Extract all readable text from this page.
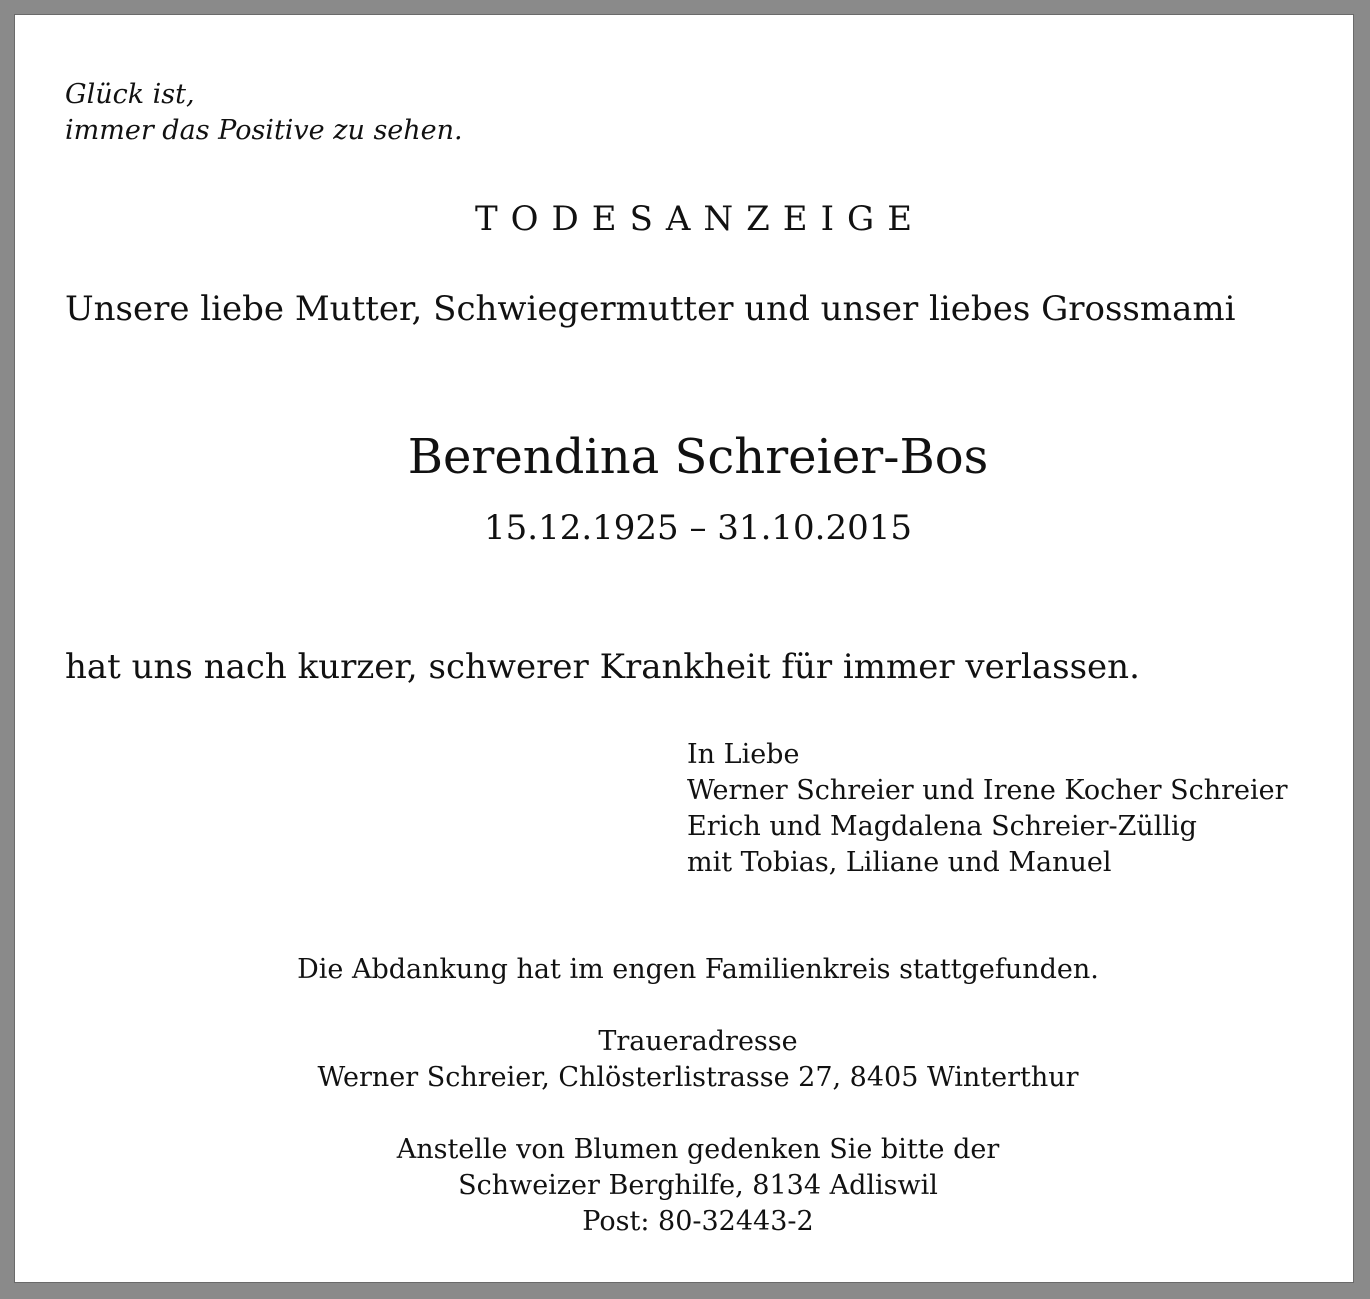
Glück ist,
immer das Positive zu sehen.

TODESANZEIGE

Unsere liebe Mutter, Schwiegermutter und unser liebes Grossmami

Berendina Schreier-Bos

15.12.1925 – 31.10.2015

hat uns nach kurzer, schwerer Krankheit für immer verlassen.

In Liebe
Werner Schreier und Irene Kocher Schreier
Erich und Magdalena Schreier-Züllig
mit Tobias, Liliane und Manuel

Die Abdankung hat im engen Familienkreis stattgefunden.

Traueradresse
Werner Schreier, Chlösterlistrasse 27, 8405 Winterthur

Anstelle von Blumen gedenken Sie bitte der
Schweizer Berghilfe, 8134 Adliswil
Post: 80-32443-2
